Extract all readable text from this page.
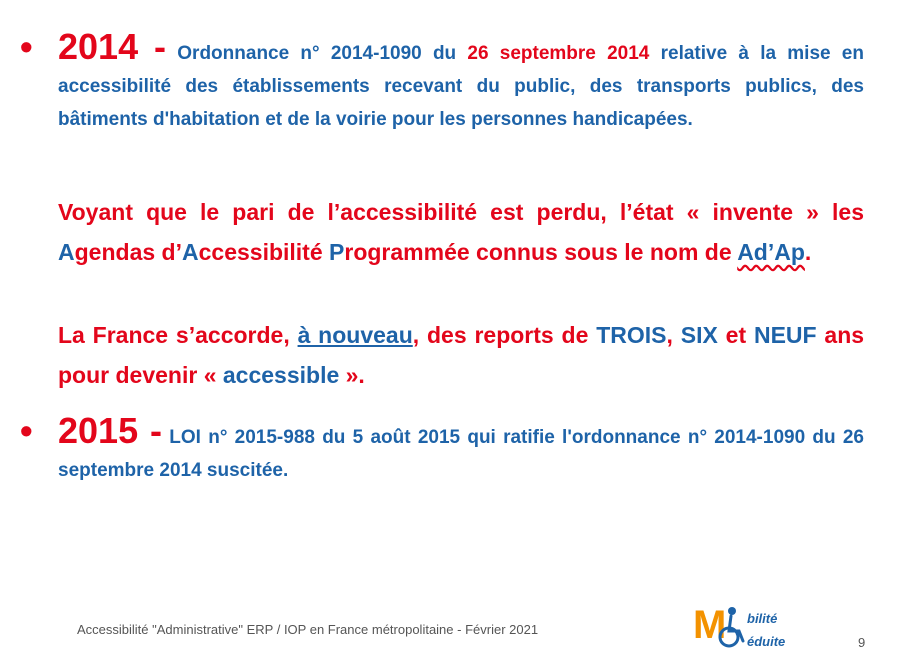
• 2014 - Ordonnance n° 2014-1090 du 26 septembre 2014 relative à la mise en accessibilité des établissements recevant du public, des transports publics, des bâtiments d'habitation et de la voirie pour les personnes handicapées.
Voyant que le pari de l’accessibilité est perdu, l’état « invente » les Agendas d’Accessibilité Programmée connus sous le nom de Ad’Ap.
La France s’accorde, à nouveau, des reports de TROIS, SIX et NEUF ans pour devenir « accessible ».
• 2015 - LOI n° 2015-988 du 5 août 2015 qui ratifie l'ordonnance n° 2014-1090 du 26 septembre 2014 suscitée.
Accessibilité "Administrative" ERP / IOP en France métropolitaine - Février 2021
9
M bilité
éduite
